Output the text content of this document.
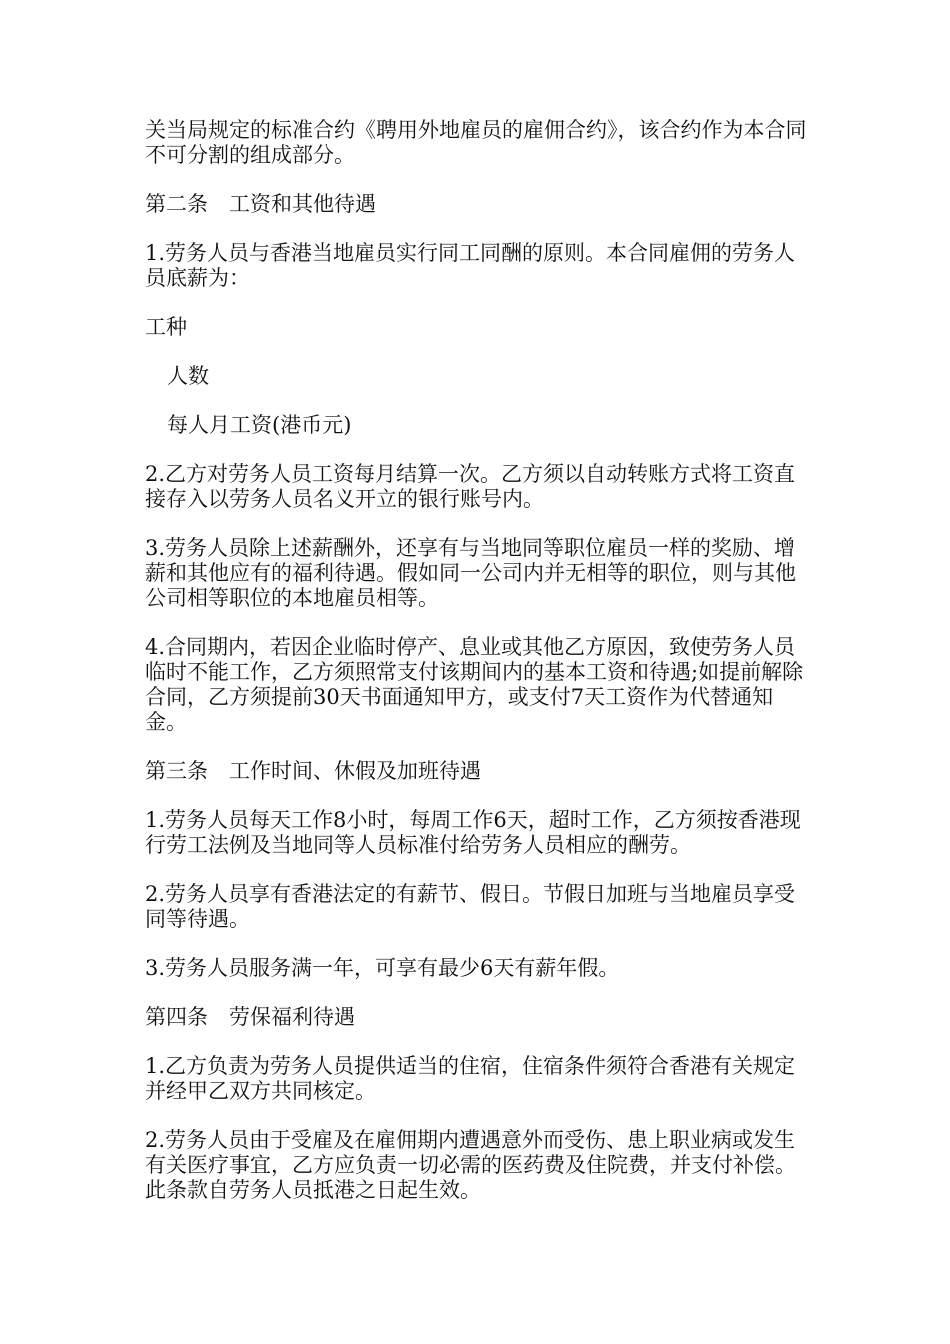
关当局规定的标准合约《聘用外地雇员的雇佣合约》，该合约作为本合同不可分割的组成部分。

第二条　工资和其他待遇

1.劳务人员与香港当地雇员实行同工同酬的原则。本合同雇佣的劳务人员底薪为：

工种

人数

每人月工资(港币元)

2.乙方对劳务人员工资每月结算一次。乙方须以自动转账方式将工资直接存入以劳务人员名义开立的银行账号内。

3.劳务人员除上述薪酬外，还享有与当地同等职位雇员一样的奖励、增薪和其他应有的福利待遇。假如同一公司内并无相等的职位，则与其他公司相等职位的本地雇员相等。

4.合同期内，若因企业临时停产、息业或其他乙方原因，致使劳务人员临时不能工作，乙方须照常支付该期间内的基本工资和待遇;如提前解除合同，乙方须提前30天书面通知甲方，或支付7天工资作为代替通知金。

第三条　工作时间、休假及加班待遇

1.劳务人员每天工作8小时，每周工作6天，超时工作，乙方须按香港现行劳工法例及当地同等人员标准付给劳务人员相应的酬劳。

2.劳务人员享有香港法定的有薪节、假日。节假日加班与当地雇员享受同等待遇。

3.劳务人员服务满一年，可享有最少6天有薪年假。

第四条　劳保福利待遇

1.乙方负责为劳务人员提供适当的住宿，住宿条件须符合香港有关规定并经甲乙双方共同核定。

2.劳务人员由于受雇及在雇佣期内遭遇意外而受伤、患上职业病或发生有关医疗事宜，乙方应负责一切必需的医药费及住院费，并支付补偿。此条款自劳务人员抵港之日起生效。
